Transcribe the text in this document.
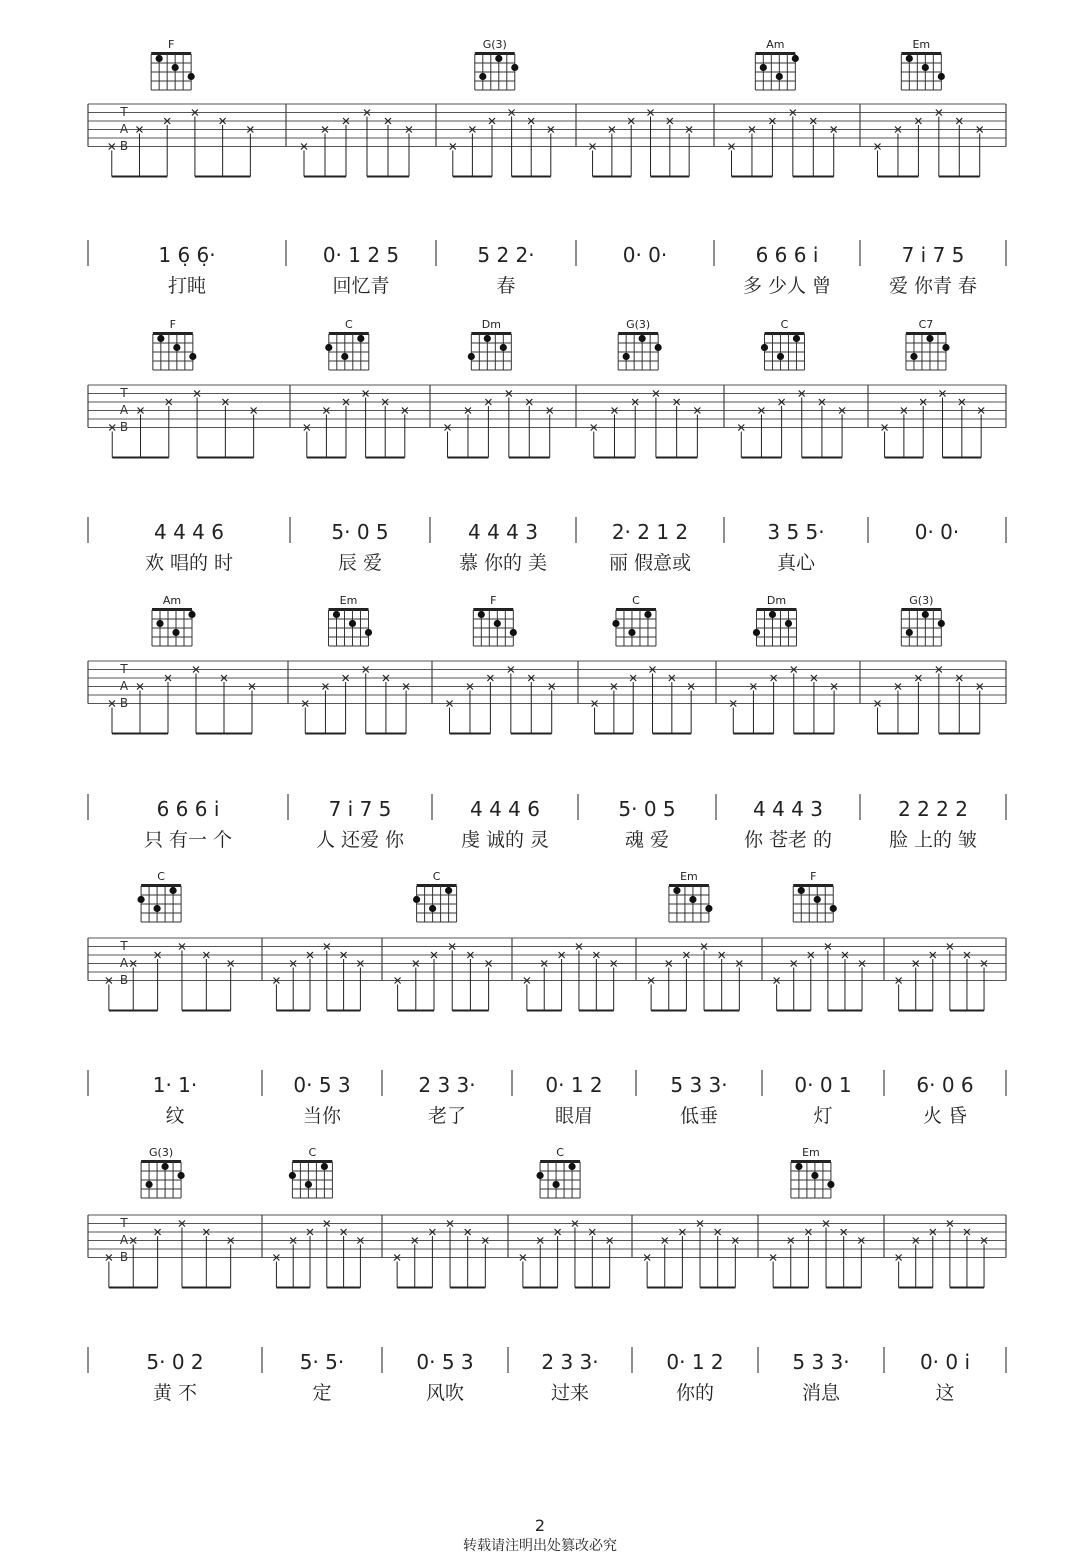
T
A
B
F	G(3)	Am	Em
1 6̣ 6̣·
打盹
0· 1 2 5
回忆青
5 2 2·
春
0· 0·	6 6 6 i
多 少人 曾
7 i 7 5
爱 你青 春
T
A
B
F	C	Dm	G(3)	C	C7
4 4 4 6
欢 唱的 时
5· 0 5
辰 爱
4 4 4 3
慕 你的 美
2· 2 1 2
丽 假意或
3 5 5·
真心
0· 0·
T
A
B
Am	Em	F	C	Dm	G(3)
6 6 6 i
只 有一 个
7 i 7 5
人 还爱 你
4 4 4 6
虔 诚的 灵
5· 0 5
魂 爱
4 4 4 3
你 苍老 的
2 2 2 2
脸 上的 皱
T
A
B
C	C	Em	F
1· 1·
纹
0· 5 3
当你
2 3 3·
老了
0· 1 2
眼眉
5 3 3·
低垂
0· 0 1
灯
6· 0 6
火 昏
T
A
B
G(3)	C	C	Em
5· 0 2
黄 不
5· 5·
定
0· 5 3
风吹
2 3 3·
过来
0· 1 2
你的
5 3 3·
消息
0· 0 i
这
2
转载请注明出处篡改必究
